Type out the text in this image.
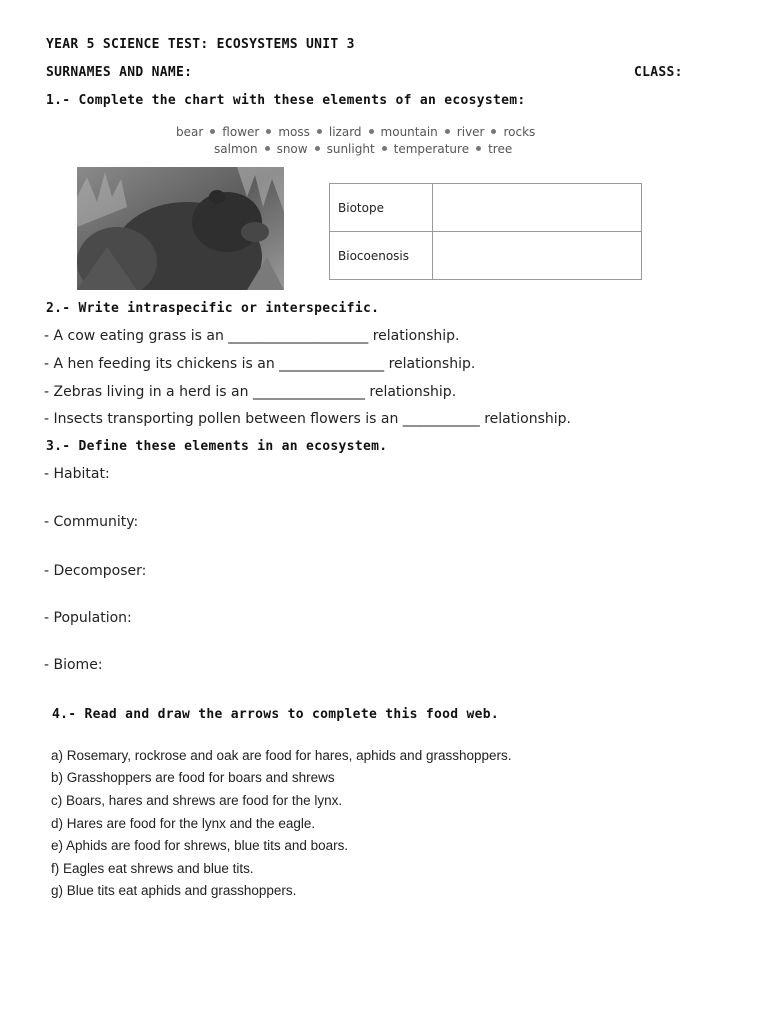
YEAR 5 SCIENCE TEST: ECOSYSTEMS UNIT 3
SURNAMES AND NAME:	CLASS:
1.- Complete the chart with these elements of an ecosystem:
bear flower moss lizard mountain river rocks
salmon snow sunlight temperature tree
Biotope	
Biocoenosis	
2.- Write intraspecific or interspecific.
- A cow eating grass is an ____________________ relationship.
- A hen feeding its chickens is an _______________ relationship.
- Zebras living in a herd is an ________________ relationship.
- Insects transporting pollen between flowers is an ___________ relationship.
3.- Define these elements in an ecosystem.
- Habitat:
- Community:
- Decomposer:
- Population:
- Biome:
4.- Read and draw the arrows to complete this food web.
a) Rosemary, rockrose and oak are food for hares, aphids and grasshoppers.
b) Grasshoppers are food for boars and shrews
c) Boars, hares and shrews are food for the lynx.
d) Hares are food for the lynx and the eagle.
e) Aphids are food for shrews, blue tits and boars.
f) Eagles eat shrews and blue tits.
g) Blue tits eat aphids and grasshoppers.
